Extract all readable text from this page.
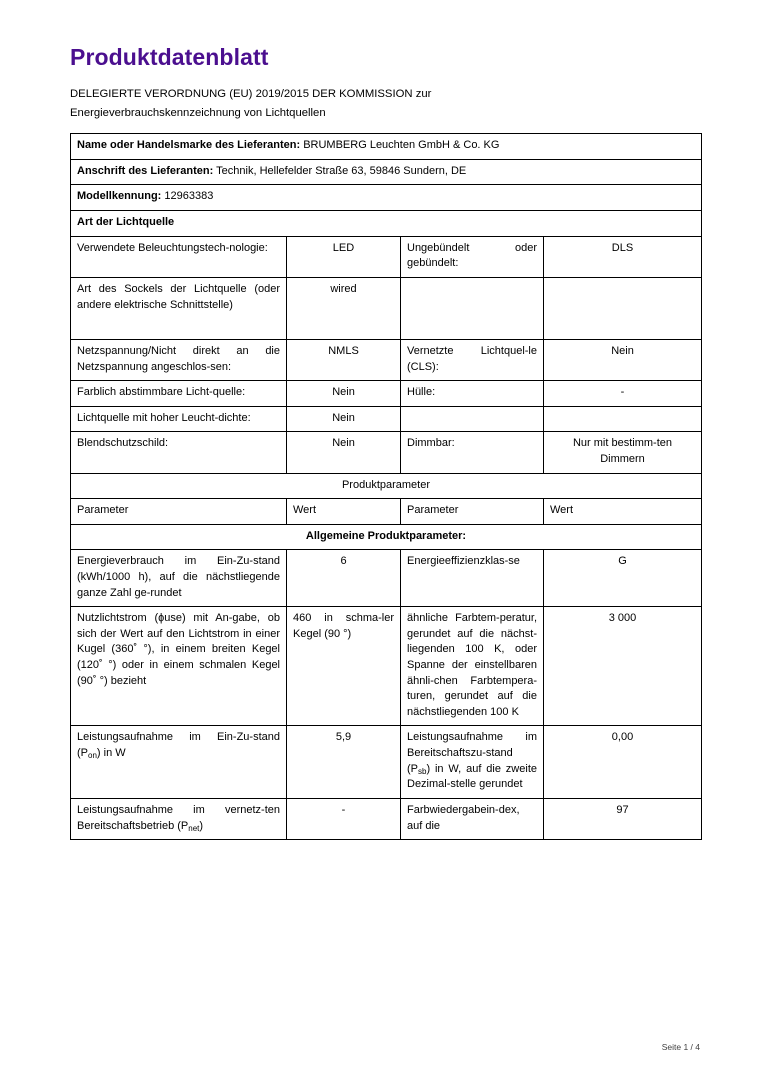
Produktdatenblatt
DELEGIERTE VERORDNUNG (EU) 2019/2015 DER KOMMISSION zur
Energieverbrauchskennzeichnung von Lichtquellen
Name oder Handelsmarke des Lieferanten: BRUMBERG Leuchten GmbH & Co. KG			
Anschrift des Lieferanten: Technik, Hellefelder Straße 63, 59846 Sundern, DE			
Modellkennung: 12963383			
Art der Lichtquelle			
Verwendete Beleuchtungstech-nologie:	LED	Ungebündelt oder gebündelt:	DLS
Art des Sockels der Lichtquelle (oder andere elektrische Schnittstelle)	wired		
Netzspannung/Nicht direkt an die Netzspannung angeschlos-sen:	NMLS	Vernetzte Lichtquel-le (CLS):	Nein
Farblich abstimmbare Licht-quelle:	Nein	Hülle:	-
Lichtquelle mit hoher Leucht-dichte:	Nein		
Blendschutzschild:	Nein	Dimmbar:	Nur mit bestimm-ten Dimmern
Produktparameter			
Parameter	Wert	Parameter	Wert
Allgemeine Produktparameter:			
Energieverbrauch im Ein-Zu-stand (kWh/1000 h), auf die nächstliegende ganze Zahl ge-rundet	6	Energieeffizienzklas-se	G
Nutzlichtstrom (ɸuse) mit An-gabe, ob sich der Wert auf den Lichtstrom in einer Kugel (360˚ °), in einem breiten Kegel (120˚ °) oder in einem schmalen Kegel (90˚ °) bezieht	460 in schma-ler Kegel (90 °)	ähnliche Farbtem-peratur, gerundet auf die nächst-liegenden 100 K, oder Spanne der einstellbaren ähnli-chen Farbtempera-turen, gerundet auf die nächstliegenden 100 K	3 000
Leistungsaufnahme im Ein-Zu-stand $(P_{on})$ in W	5,9	Leistungsaufnahme im Bereitschaftszu-stand $(P_{sb})$ in W, auf die zweite Dezimal-stelle gerundet	0,00
Leistungsaufnahme im vernetz-ten Bereitschaftsbetrieb $(P_{net})$	-	Farbwiedergabein-dex, auf die	97
Seite 1 / 4
